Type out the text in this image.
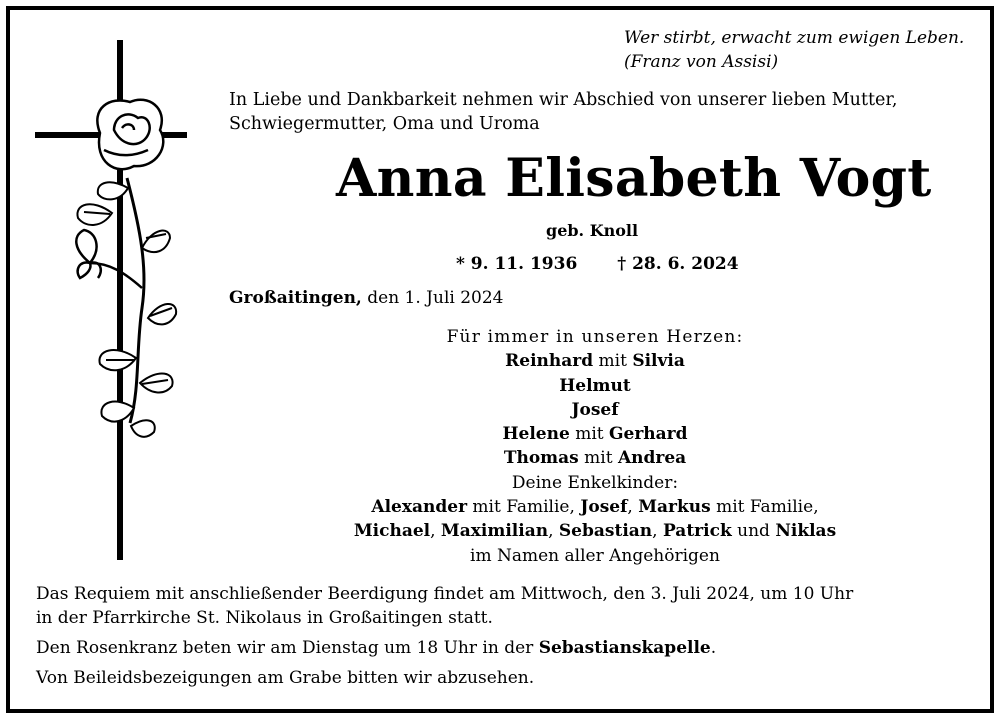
Wer stirbt, erwacht zum ewigen Leben.
(Franz von Assisi)
In Liebe und Dankbarkeit nehmen wir Abschied von unserer lieben Mutter,
Schwiegermutter, Oma und Uroma
Anna Elisabeth Vogt
geb. Knoll
* 9. 11. 1936 † 28. 6. 2024
Großaitingen, den 1. Juli 2024
Für immer in unseren Herzen:
Reinhard mit Silvia
Helmut
Josef
Helene mit Gerhard
Thomas mit Andrea
Deine Enkelkinder:
Alexander mit Familie, Josef, Markus mit Familie,
Michael, Maximilian, Sebastian, Patrick und Niklas
im Namen aller Angehörigen
Das Requiem mit anschließender Beerdigung findet am Mittwoch, den 3. Juli 2024, um 10 Uhr
in der Pfarrkirche St. Nikolaus in Großaitingen statt.
Den Rosenkranz beten wir am Dienstag um 18 Uhr in der Sebastianskapelle.
Von Beileidsbezeigungen am Grabe bitten wir abzusehen.
